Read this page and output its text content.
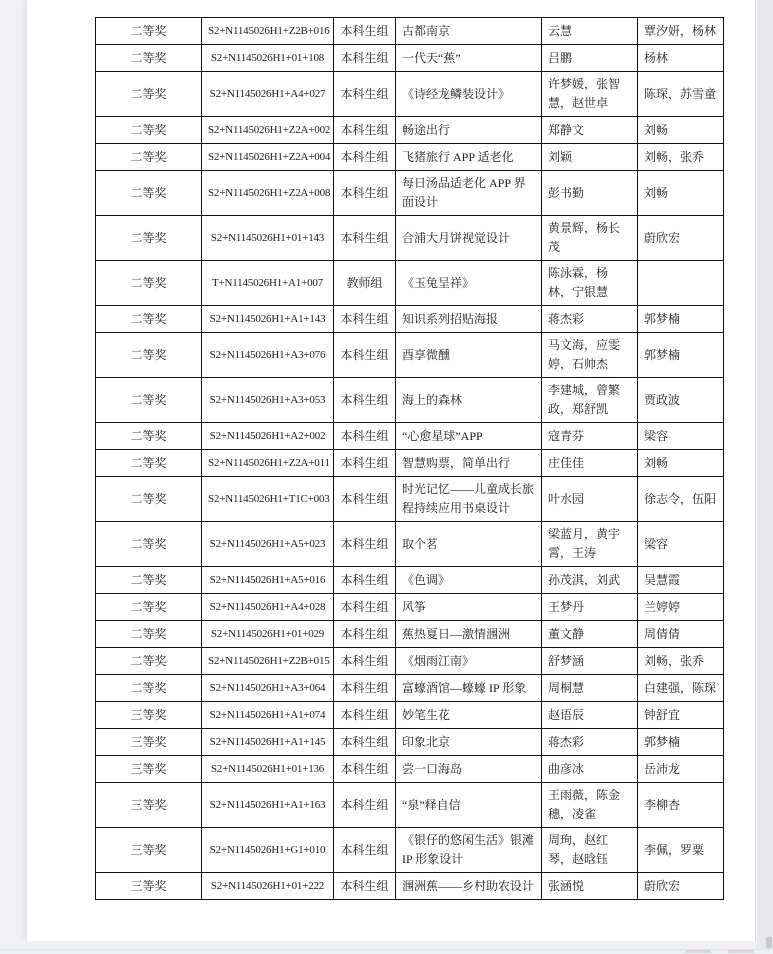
二等奖	S2+N1145026H1+Z2B+016	本科生组	古都南京	云慧	覃汐妍，杨林
二等奖	S2+N1145026H1+01+108	本科生组	一代天“蕉”	吕鹏	杨林
二等奖	S2+N1145026H1+A4+027	本科生组	《诗经龙鳞装设计》	许梦媛，张智慧，赵世卓	陈琛，苏雪童
二等奖	S2+N1145026H1+Z2A+002	本科生组	畅途出行	郑静文	刘畅
二等奖	S2+N1145026H1+Z2A+004	本科生组	飞猪旅行 APP 适老化	刘颖	刘畅，张乔
二等奖	S2+N1145026H1+Z2A+008	本科生组	每日汤品适老化 APP 界面设计	彭书勤	刘畅
二等奖	S2+N1145026H1+01+143	本科生组	合浦大月饼视觉设计	黄景辉，杨长茂	蔚欣宏
二等奖	T+N1145026H1+A1+007	教师组	《玉兔呈祥》	陈泳霖，杨林，宁银慧	
二等奖	S2+N1145026H1+A1+143	本科生组	知识系列招贴海报	蒋杰彩	郭梦楠
二等奖	S2+N1145026H1+A3+076	本科生组	酉享微醺	马文海，应雯婷，石帅杰	郭梦楠
二等奖	S2+N1145026H1+A3+053	本科生组	海上的森林	李建城，曾繁政，郑舒凯	贾政波
二等奖	S2+N1145026H1+A2+002	本科生组	“心愈星球”APP	寇青芬	梁容
二等奖	S2+N1145026H1+Z2A+011	本科生组	智慧购票，简单出行	庄佳佳	刘畅
二等奖	S2+N1145026H1+T1C+003	本科生组	时光记忆——儿童成长旅程持续应用书桌设计	叶水园	徐志令，伍阳
二等奖	S2+N1145026H1+A5+023	本科生组	取个茗	梁蓝月，黄宇霄，王涛	梁容
二等奖	S2+N1145026H1+A5+016	本科生组	《色调》	孙茂淇，刘武	吴慧霞
二等奖	S2+N1145026H1+A4+028	本科生组	风筝	王梦丹	兰婷婷
二等奖	S2+N1145026H1+01+029	本科生组	蕉热夏日—激情涠洲	董文静	周倩倩
二等奖	S2+N1145026H1+Z2B+015	本科生组	《烟雨江南》	舒梦涵	刘畅，张乔
二等奖	S2+N1145026H1+A3+064	本科生组	富蠔酒馆—蠔蠔 IP 形象	周桐慧	白建强，陈琛
三等奖	S2+N1145026H1+A1+074	本科生组	妙笔生花	赵语辰	钟舒宜
三等奖	S2+N1145026H1+A1+145	本科生组	印象北京	蒋杰彩	郭梦楠
三等奖	S2+N1145026H1+01+136	本科生组	尝一口海岛	曲彦冰	岳沛龙
三等奖	S2+N1145026H1+A1+163	本科生组	“泉”释自信	王雨薇，陈金穗，凌雀	李柳杏
三等奖	S2+N1145026H1+G1+010	本科生组	《银仔的悠闲生活》银滩 IP 形象设计	周珣，赵红琴，赵晗钰	李佩，罗粟
三等奖	S2+N1145026H1+01+222	本科生组	涠洲蕉——乡村助农设计	张涵悦	蔚欣宏
